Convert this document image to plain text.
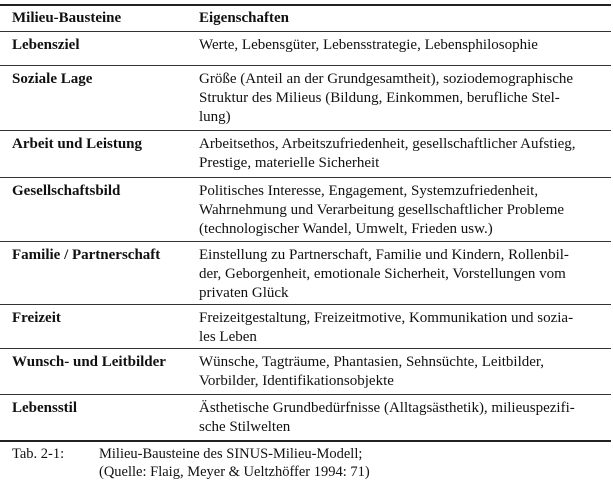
Milieu-Bausteine	Eigenschaften
Lebensziel	Werte, Lebensgüter, Lebensstrategie, Lebensphilosophie
Soziale Lage	Größe (Anteil an der Grundgesamtheit), soziodemographische
Struktur des Milieus (Bildung, Einkommen, berufliche Stel-
lung)
Arbeit und Leistung	Arbeitsethos, Arbeitszufriedenheit, gesellschaftlicher Aufstieg,
Prestige, materielle Sicherheit
Gesellschaftsbild	Politisches Interesse, Engagement, Systemzufriedenheit,
Wahrnehmung und Verarbeitung gesellschaftlicher Probleme
(technologischer Wandel, Umwelt, Frieden usw.)
Familie / Partnerschaft	Einstellung zu Partnerschaft, Familie und Kindern, Rollenbil-
der, Geborgenheit, emotionale Sicherheit, Vorstellungen vom
privaten Glück
Freizeit	Freizeitgestaltung, Freizeitmotive, Kommunikation und sozia-
les Leben
Wunsch- und Leitbilder	Wünsche, Tagträume, Phantasien, Sehnsüchte, Leitbilder,
Vorbilder, Identifikationsobjekte
Lebensstil	Ästhetische Grundbedürfnisse (Alltagsästhetik), milieuspezifi-
sche Stilwelten
Tab. 2-1: Milieu-Bausteine des SINUS-Milieu-Modell;
(Quelle: Flaig, Meyer & Ueltzhöffer 1994: 71)
